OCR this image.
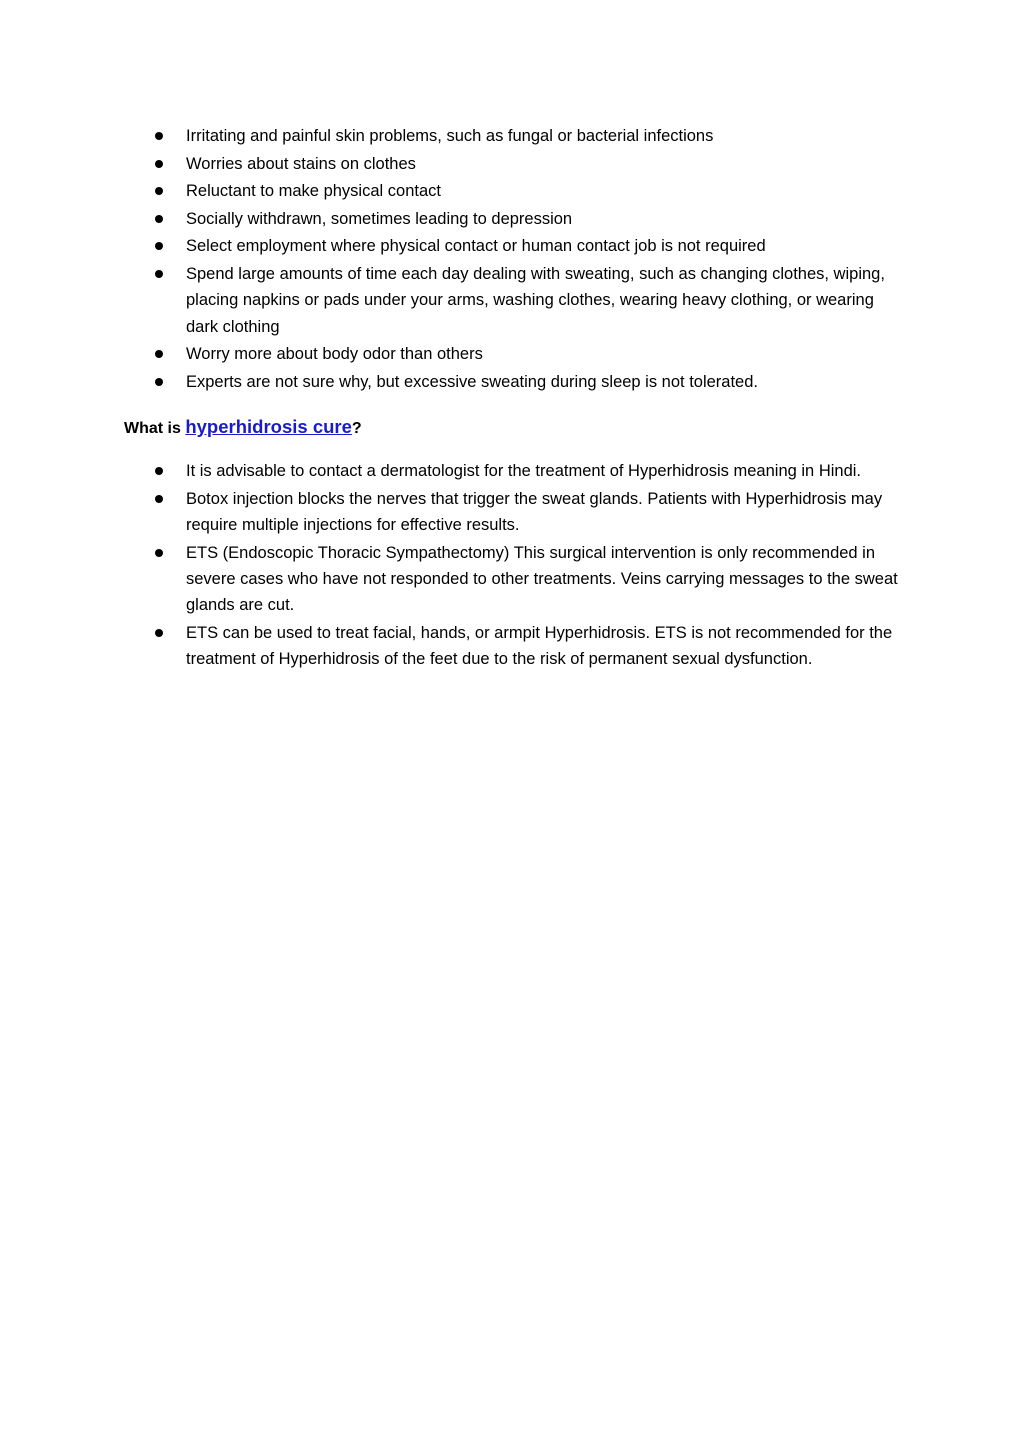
Irritating and painful skin problems, such as fungal or bacterial infections
Worries about stains on clothes
Reluctant to make physical contact
Socially withdrawn, sometimes leading to depression
Select employment where physical contact or human contact job is not required
Spend large amounts of time each day dealing with sweating, such as changing clothes, wiping, placing napkins or pads under your arms, washing clothes, wearing heavy clothing, or wearing dark clothing
Worry more about body odor than others
Experts are not sure why, but excessive sweating during sleep is not tolerated.
What is hyperhidrosis cure?
It is advisable to contact a dermatologist for the treatment of Hyperhidrosis meaning in Hindi.
Botox injection blocks the nerves that trigger the sweat glands. Patients with Hyperhidrosis may require multiple injections for effective results.
ETS (Endoscopic Thoracic Sympathectomy) This surgical intervention is only recommended in severe cases who have not responded to other treatments. Veins carrying messages to the sweat glands are cut.
ETS can be used to treat facial, hands, or armpit Hyperhidrosis. ETS is not recommended for the treatment of Hyperhidrosis of the feet due to the risk of permanent sexual dysfunction.
